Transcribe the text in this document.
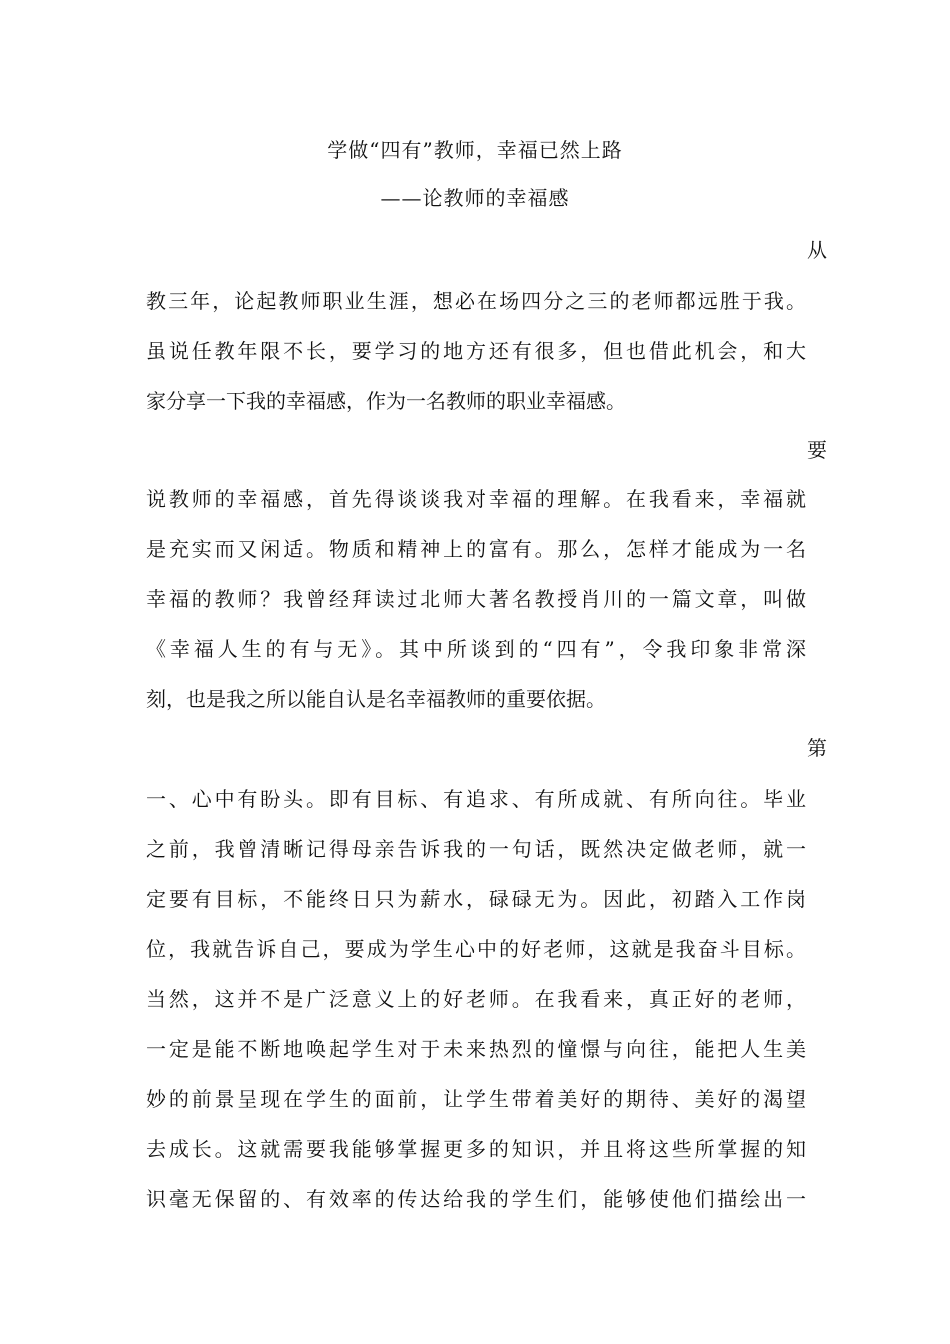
学做“四有”教师，幸福已然上路
——论教师的幸福感
从
教三年，论起教师职业生涯，想必在场四分之三的老师都远胜于我。
虽说任教年限不长，要学习的地方还有很多，但也借此机会，和大
家分享一下我的幸福感，作为一名教师的职业幸福感。
要
说教师的幸福感，首先得谈谈我对幸福的理解。在我看来，幸福就
是充实而又闲适。物质和精神上的富有。那么，怎样才能成为一名
幸福的教师？我曾经拜读过北师大著名教授肖川的一篇文章，叫做
《幸福人生的有与无》。其中所谈到的“四有”，令我印象非常深
刻，也是我之所以能自认是名幸福教师的重要依据。
第
一、心中有盼头。即有目标、有追求、有所成就、有所向往。毕业
之前，我曾清晰记得母亲告诉我的一句话，既然决定做老师，就一
定要有目标，不能终日只为薪水，碌碌无为。因此，初踏入工作岗
位，我就告诉自己，要成为学生心中的好老师，这就是我奋斗目标。
当然，这并不是广泛意义上的好老师。在我看来，真正好的老师，
一定是能不断地唤起学生对于未来热烈的憧憬与向往，能把人生美
妙的前景呈现在学生的面前，让学生带着美好的期待、美好的渴望
去成长。这就需要我能够掌握更多的知识，并且将这些所掌握的知
识毫无保留的、有效率的传达给我的学生们，能够使他们描绘出一
